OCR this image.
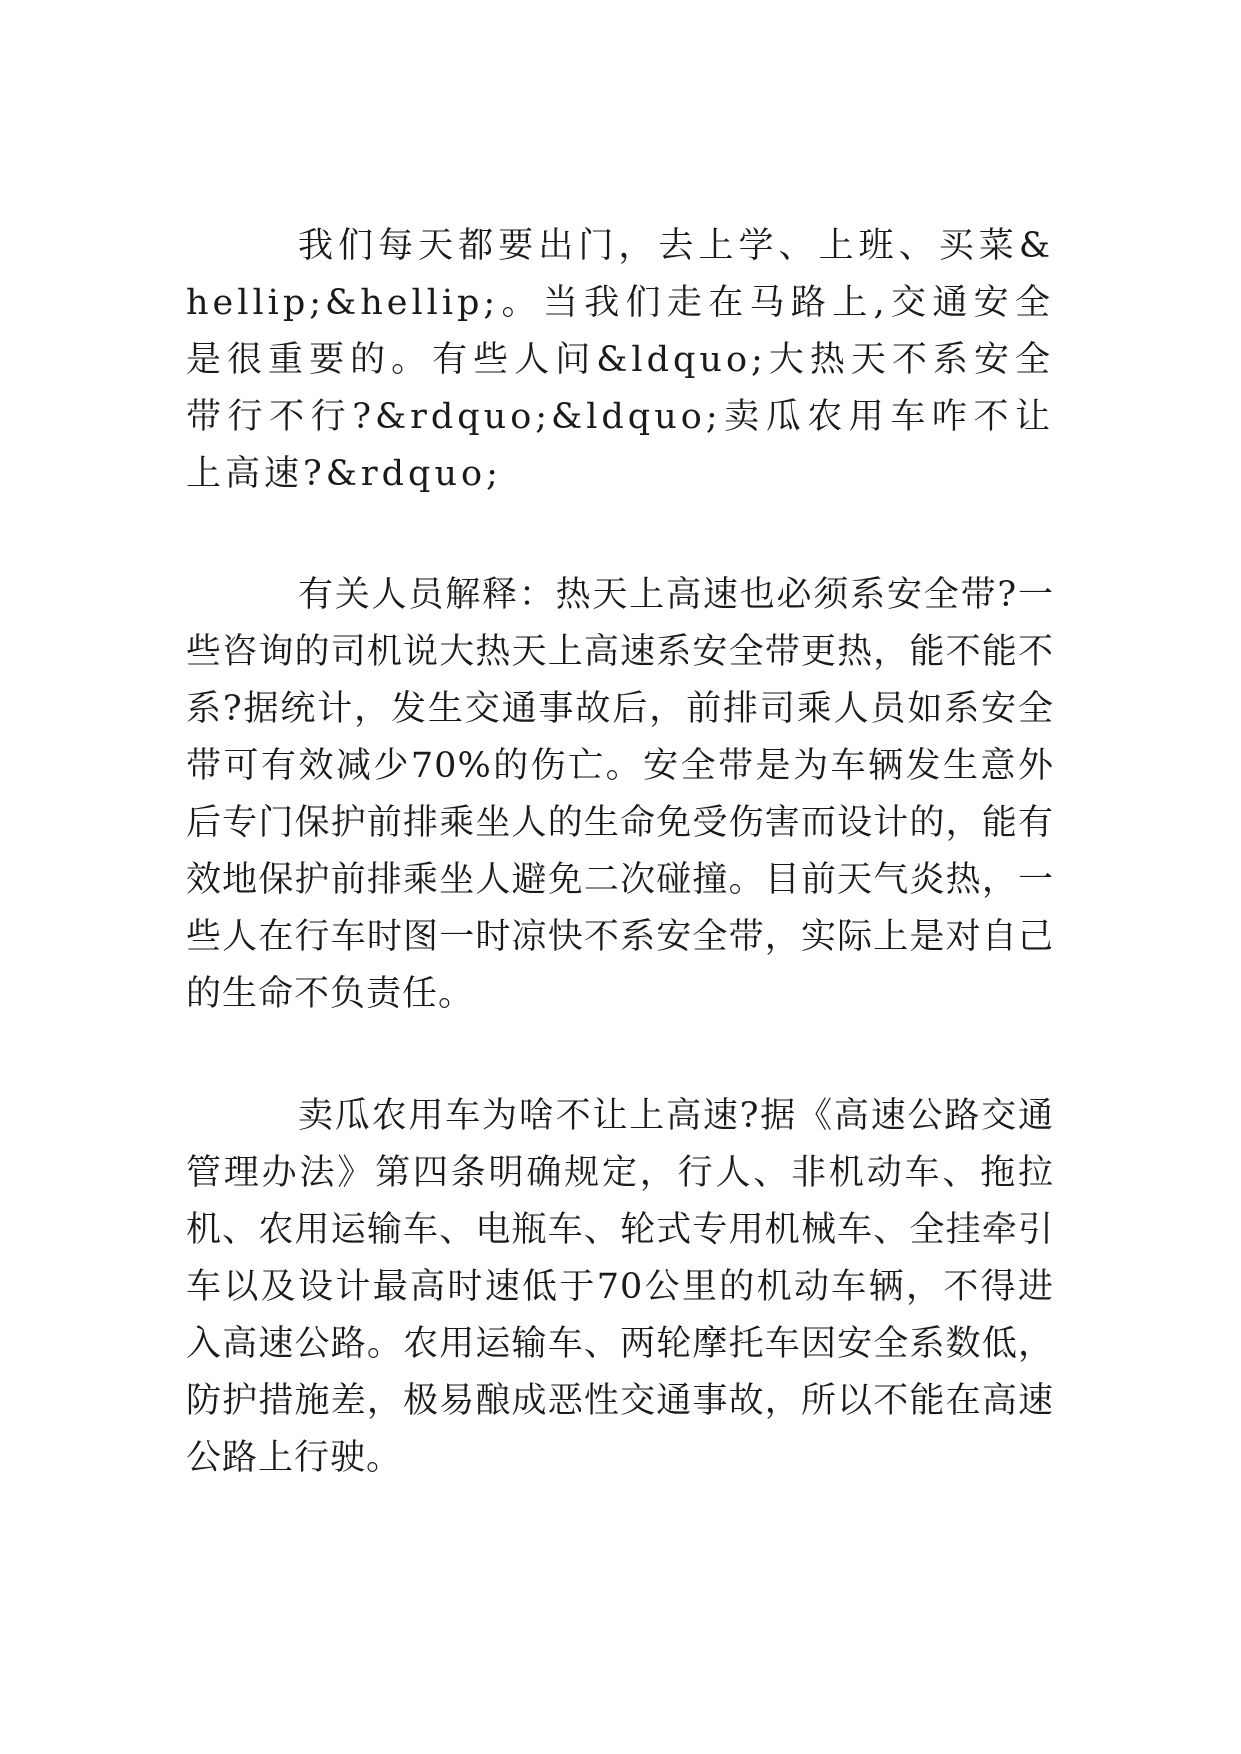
我们每天都要出门，去上学、上班、买菜&hellip;&hellip;。当我们走在马路上,交通安全是很重要的。有些人问&ldquo;大热天不系安全带行不行?&rdquo;&ldquo;卖瓜农用车咋不让上高速?&rdquo;

有关人员解释：热天上高速也必须系安全带?一些咨询的司机说大热天上高速系安全带更热，能不能不系?据统计，发生交通事故后，前排司乘人员如系安全带可有效减少70%的伤亡。安全带是为车辆发生意外后专门保护前排乘坐人的生命免受伤害而设计的，能有效地保护前排乘坐人避免二次碰撞。目前天气炎热，一些人在行车时图一时凉快不系安全带，实际上是对自己的生命不负责任。

卖瓜农用车为啥不让上高速?据《高速公路交通管理办法》第四条明确规定，行人、非机动车、拖拉机、农用运输车、电瓶车、轮式专用机械车、全挂牵引车以及设计最高时速低于70公里的机动车辆，不得进入高速公路。农用运输车、两轮摩托车因安全系数低，防护措施差，极易酿成恶性交通事故，所以不能在高速公路上行驶。
